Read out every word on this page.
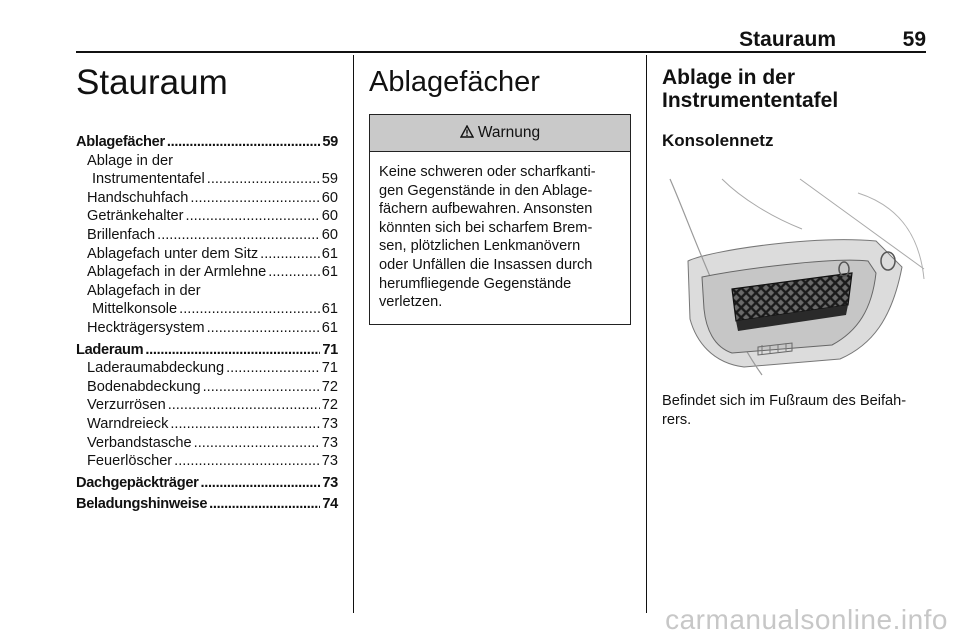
Stauraum	59
Stauraum
Ablagefächer .....	59
Ablage in der
Instrumententafel .....	59
Handschuhfach .....	60
Getränkehalter .....	60
Brillenfach .....	60
Ablagefach unter dem Sitz .....	61
Ablagefach in der Armlehne .....	61
Ablagefach in der
Mittelkonsole .....	61
Heckträgersystem .....	61
Laderaum .....	71
Laderaumabdeckung .....	71
Bodenabdeckung .....	72
Verzurrösen .....	72
Warndreieck .....	73
Verbandstasche .....	73
Feuerlöscher .....	73
Dachgepäckträger .....	73
Beladungshinweise .....	74
Ablagefächer
Warnung
Keine schweren oder scharfkanti-
gen Gegenstände in den Ablage-
fächern aufbewahren. Ansonsten
könnten sich bei scharfem Brem-
sen, plötzlichen Lenkmanövern
oder Unfällen die Insassen durch
herumfliegende Gegenstände
verletzen.
Ablage in der
Instrumententafel
Konsolennetz
Befindet sich im Fußraum des Beifah-
rers.
carmanualsonline.info
